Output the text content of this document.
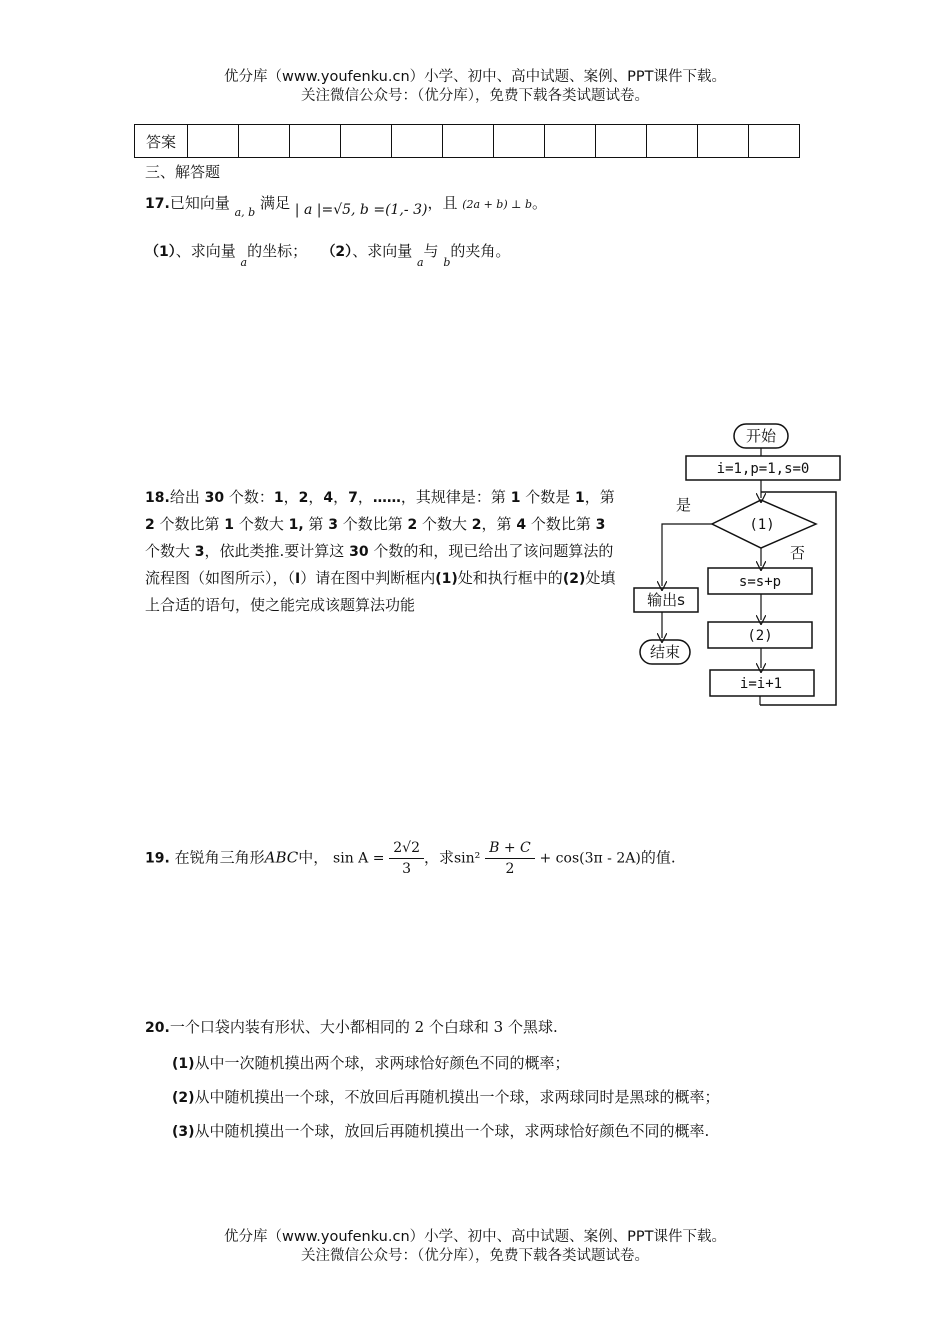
优分库（www.youfenku.cn）小学、初中、高中试题、案例、PPT课件下载。
关注微信公众号：（优分库），免费下载各类试题试卷。
答案												
三、解答题
17.已知向量 $_{a, b}$ 满足 | a |=√5, b =(1,- 3)，且 (2a + b) ⊥ b。
（1）、求向量 $_a$的坐标； （2）、求向量 $_a$与 $_b$的夹角。
18.给出 30 个数：1，2，4，7，……，其规律是：第 1 个数是 1，第 2 个数比第 1 个数大 1, 第 3 个数比第 2 个数大 2，第 4 个数比第 3 个数大 3，依此类推.要计算这 30 个数的和，现已给出了该问题算法的流程图（如图所示），（I）请在图中判断框内(1)处和执行框中的(2)处填上合适的语句，使之能完成该题算法功能
开始
i=1,p=1,s=0
(1)
是
否
输出s
结束
s=s+p
(2)
i=i+1
19. 在锐角三角形ABC中， $\sin A = \frac{2√2}{3}$ ，求$\sin^2 \frac{B + C}{2} + \cos(3\pi - 2A)$的值.
20.一个口袋内装有形状、大小都相同的 2 个白球和 3 个黑球.
(1)从中一次随机摸出两个球，求两球恰好颜色不同的概率；
(2)从中随机摸出一个球，不放回后再随机摸出一个球，求两球同时是黑球的概率；
(3)从中随机摸出一个球，放回后再随机摸出一个球，求两球恰好颜色不同的概率.
优分库（www.youfenku.cn）小学、初中、高中试题、案例、PPT课件下载。
关注微信公众号：（优分库），免费下载各类试题试卷。
